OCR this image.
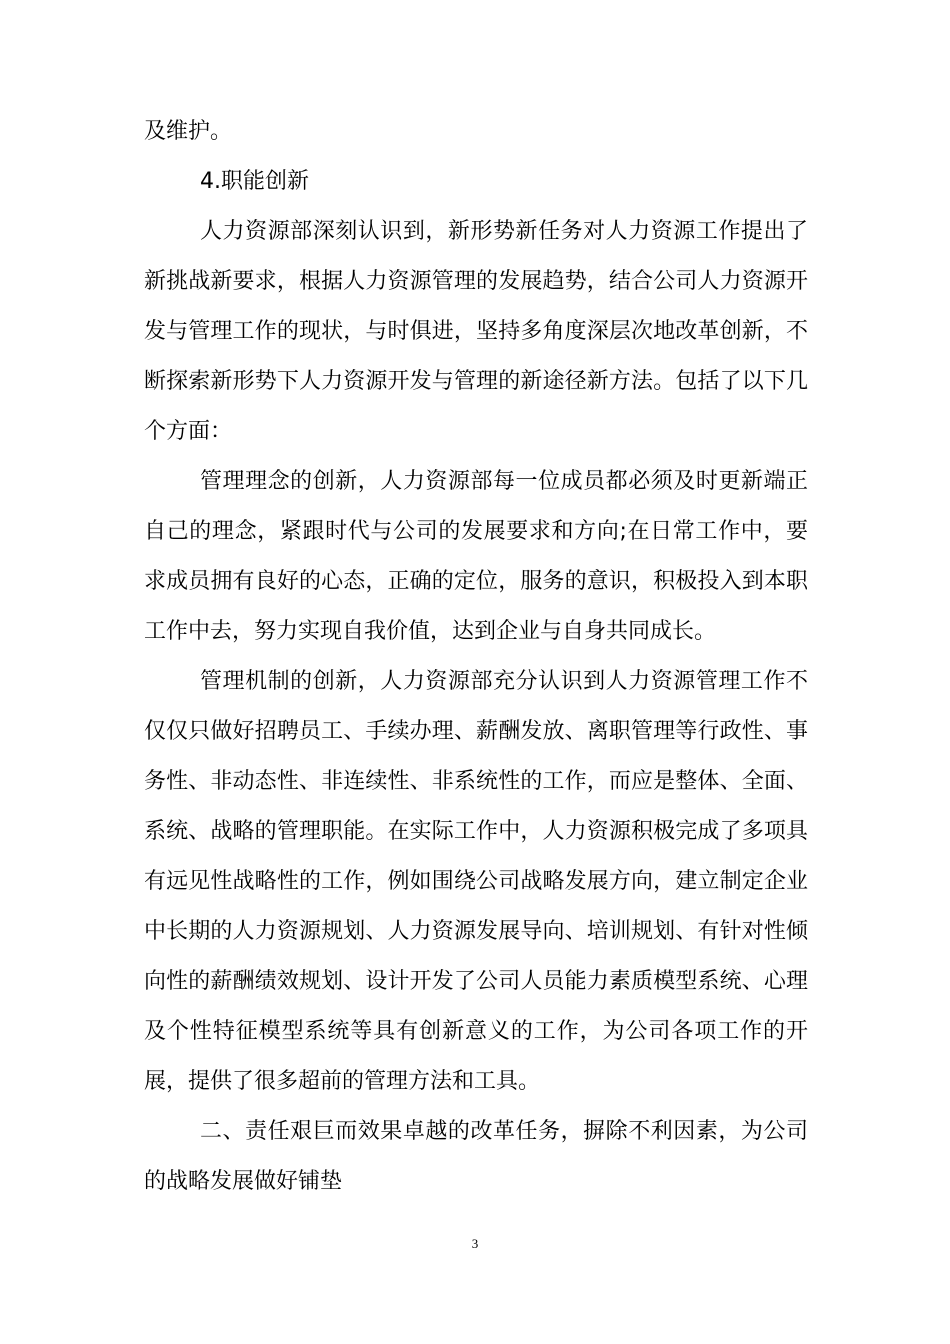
及维护。

4.职能创新

人力资源部深刻认识到，新形势新任务对人力资源工作提出了新挑战新要求，根据人力资源管理的发展趋势，结合公司人力资源开发与管理工作的现状，与时俱进，坚持多角度深层次地改革创新，不断探索新形势下人力资源开发与管理的新途径新方法。包括了以下几个方面：

管理理念的创新，人力资源部每一位成员都必须及时更新端正自己的理念，紧跟时代与公司的发展要求和方向;在日常工作中，要求成员拥有良好的心态，正确的定位，服务的意识，积极投入到本职工作中去，努力实现自我价值，达到企业与自身共同成长。

管理机制的创新，人力资源部充分认识到人力资源管理工作不仅仅只做好招聘员工、手续办理、薪酬发放、离职管理等行政性、事务性、非动态性、非连续性、非系统性的工作，而应是整体、全面、系统、战略的管理职能。在实际工作中，人力资源积极完成了多项具有远见性战略性的工作，例如围绕公司战略发展方向，建立制定企业中长期的人力资源规划、人力资源发展导向、培训规划、有针对性倾向性的薪酬绩效规划、设计开发了公司人员能力素质模型系统、心理及个性特征模型系统等具有创新意义的工作，为公司各项工作的开展，提供了很多超前的管理方法和工具。

二、责任艰巨而效果卓越的改革任务，摒除不利因素，为公司的战略发展做好铺垫

3
